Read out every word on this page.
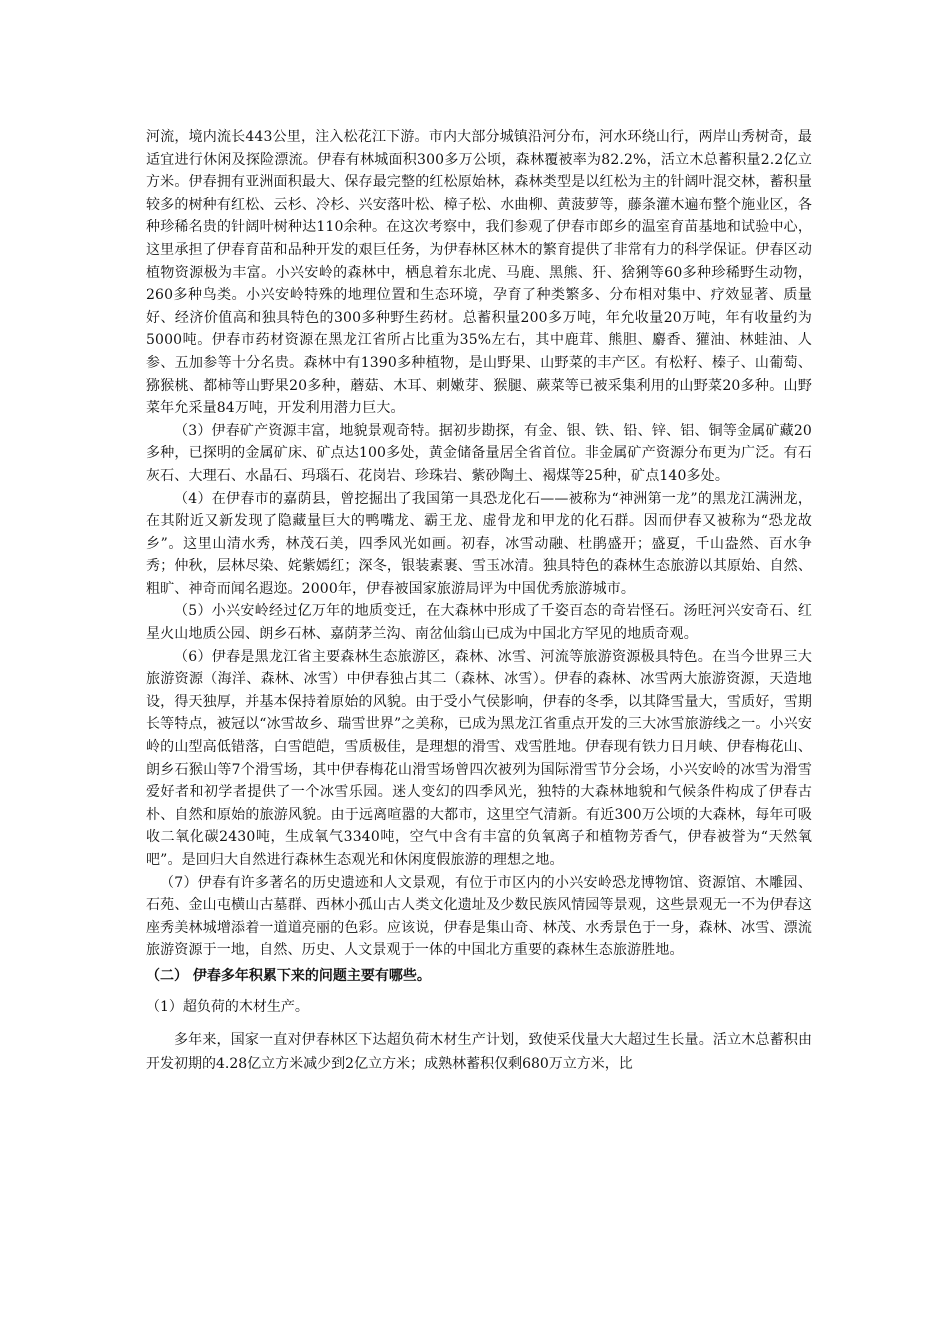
河流，境内流长443公里，注入松花江下游。市内大部分城镇沿河分布，河水环绕山行，两岸山秀树奇，最适宜进行休闲及探险漂流。伊春有林城面积300多万公顷，森林覆被率为82.2%，活立木总蓄积量2.2亿立方米。伊春拥有亚洲面积最大、保存最完整的红松原始林，森林类型是以红松为主的针阔叶混交林，蓄积量较多的树种有红松、云杉、冷杉、兴安落叶松、樟子松、水曲柳、黄菠萝等，藤条灌木遍布整个施业区，各种珍稀名贵的针阔叶树种达110余种。在这次考察中，我们参观了伊春市郎乡的温室育苗基地和试验中心，这里承担了伊春育苗和品种开发的艰巨任务，为伊春林区林木的繁育提供了非常有力的科学保证。伊春区动植物资源极为丰富。小兴安岭的森林中，栖息着东北虎、马鹿、黑熊、犴、猞猁等60多种珍稀野生动物，260多种鸟类。小兴安岭特殊的地理位置和生态环境，孕育了种类繁多、分布相对集中、疗效显著、质量好、经济价值高和独具特色的300多种野生药材。总蓄积量200多万吨，年允收量20万吨，年有收量约为5000吨。伊春市药材资源在黑龙江省所占比重为35%左右，其中鹿茸、熊胆、麝香、獾油、林蛙油、人参、五加参等十分名贵。森林中有1390多种植物，是山野果、山野菜的丰产区。有松籽、榛子、山葡萄、猕猴桃、都柿等山野果20多种，蘑菇、木耳、刺嫩芽、猴腿、蕨菜等已被采集利用的山野菜20多种。山野菜年允采量84万吨，开发利用潜力巨大。

（3）伊春矿产资源丰富，地貌景观奇特。据初步勘探，有金、银、铁、铅、锌、铝、铜等金属矿藏20多种，已探明的金属矿床、矿点达100多处，黄金储备量居全省首位。非金属矿产资源分布更为广泛。有石灰石、大理石、水晶石、玛瑙石、花岗岩、珍珠岩、紫砂陶土、褐煤等25种，矿点140多处。

（4）在伊春市的嘉荫县，曾挖掘出了我国第一具恐龙化石——被称为“神洲第一龙”的黑龙江满洲龙，在其附近又新发现了隐藏量巨大的鸭嘴龙、霸王龙、虚骨龙和甲龙的化石群。因而伊春又被称为“恐龙故乡”。这里山清水秀，林茂石美，四季风光如画。初春，冰雪动融、杜鹃盛开；盛夏，千山盎然、百水争秀；仲秋，层林尽染、姹紫嫣红；深冬，银装素裹、雪玉冰清。独具特色的森林生态旅游以其原始、自然、粗旷、神奇而闻名遐迩。2000年，伊春被国家旅游局评为中国优秀旅游城市。

（5）小兴安岭经过亿万年的地质变迁，在大森林中形成了千姿百态的奇岩怪石。汤旺河兴安奇石、红星火山地质公园、朗乡石林、嘉荫茅兰沟、南岔仙翁山已成为中国北方罕见的地质奇观。

（6）伊春是黑龙江省主要森林生态旅游区，森林、冰雪、河流等旅游资源极具特色。在当今世界三大旅游资源（海洋、森林、冰雪）中伊春独占其二（森林、冰雪）。伊春的森林、冰雪两大旅游资源，天造地设，得天独厚，并基本保持着原始的风貌。由于受小气侯影响，伊春的冬季，以其降雪量大，雪质好，雪期长等特点，被冠以“冰雪故乡、瑞雪世界”之美称，已成为黑龙江省重点开发的三大冰雪旅游线之一。小兴安岭的山型高低错落，白雪皑皑，雪质极佳，是理想的滑雪、戏雪胜地。伊春现有铁力日月峡、伊春梅花山、朗乡石猴山等7个滑雪场，其中伊春梅花山滑雪场曾四次被列为国际滑雪节分会场，小兴安岭的冰雪为滑雪爱好者和初学者提供了一个冰雪乐园。迷人变幻的四季风光，独特的大森林地貌和气候条件构成了伊春古朴、自然和原始的旅游风貌。由于远离喧嚣的大都市，这里空气清新。有近300万公顷的大森林，每年可吸收二氧化碳2430吨，生成氧气3340吨，空气中含有丰富的负氧离子和植物芳香气，伊春被誉为“天然氧吧”。是回归大自然进行森林生态观光和休闲度假旅游的理想之地。

（7）伊春有许多著名的历史遗迹和人文景观，有位于市区内的小兴安岭恐龙博物馆、资源馆、木雕园、石苑、金山屯横山古墓群、西林小孤山古人类文化遗址及少数民族风情园等景观，这些景观无一不为伊春这座秀美林城增添着一道道亮丽的色彩。应该说，伊春是集山奇、林茂、水秀景色于一身，森林、冰雪、漂流旅游资源于一地，自然、历史、人文景观于一体的中国北方重要的森林生态旅游胜地。

（二） 伊春多年积累下来的问题主要有哪些。

（1）超负荷的木材生产。

多年来，国家一直对伊春林区下达超负荷木材生产计划，致使采伐量大大超过生长量。活立木总蓄积由开发初期的4.28亿立方米减少到2亿立方米；成熟林蓄积仅剩680万立方米，比
